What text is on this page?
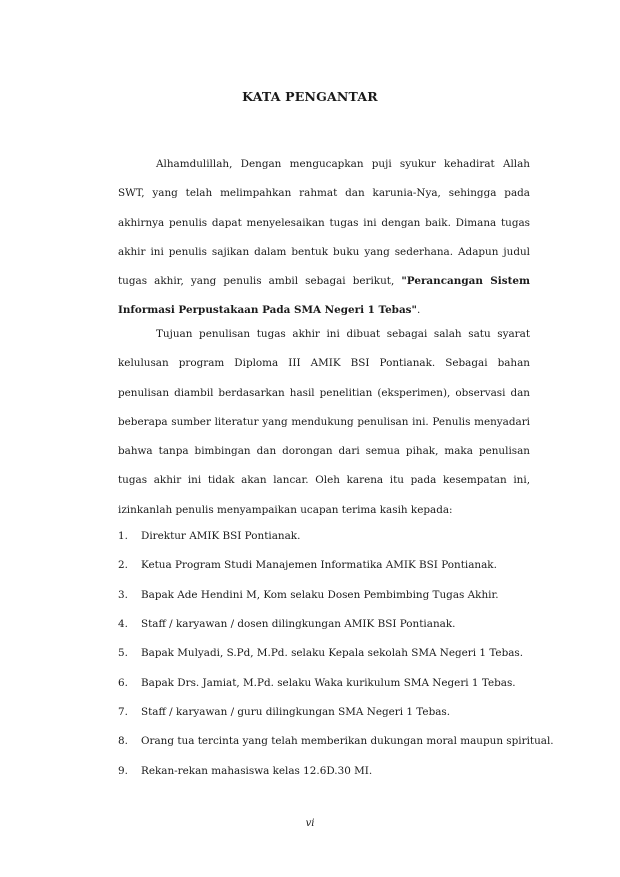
KATA PENGANTAR

Alhamdulillah, Dengan mengucapkan puji syukur kehadirat Allah SWT, yang telah melimpahkan rahmat dan karunia-Nya, sehingga pada akhirnya penulis dapat menyelesaikan tugas ini dengan baik. Dimana tugas akhir ini penulis sajikan dalam bentuk buku yang sederhana. Adapun judul tugas akhir, yang penulis ambil sebagai berikut, "Perancangan Sistem Informasi Perpustakaan Pada SMA Negeri 1 Tebas".

Tujuan penulisan tugas akhir ini dibuat sebagai salah satu syarat kelulusan program Diploma III AMIK BSI Pontianak. Sebagai bahan penulisan diambil berdasarkan hasil penelitian (eksperimen), observasi dan beberapa sumber literatur yang mendukung penulisan ini. Penulis menyadari bahwa tanpa bimbingan dan dorongan dari semua pihak, maka penulisan tugas akhir ini tidak akan lancar. Oleh karena itu pada kesempatan ini, izinkanlah penulis menyampaikan ucapan terima kasih kepada:

1. Direktur AMIK BSI Pontianak.
2. Ketua Program Studi Manajemen Informatika AMIK BSI Pontianak.
3. Bapak Ade Hendini M, Kom selaku Dosen Pembimbing Tugas Akhir.
4. Staff / karyawan / dosen dilingkungan AMIK BSI Pontianak.
5. Bapak Mulyadi, S.Pd, M.Pd. selaku Kepala sekolah SMA Negeri 1 Tebas.
6. Bapak Drs. Jamiat, M.Pd. selaku Waka kurikulum SMA Negeri 1 Tebas.
7. Staff / karyawan / guru dilingkungan SMA Negeri 1 Tebas.
8. Orang tua tercinta yang telah memberikan dukungan moral maupun spiritual.
9. Rekan-rekan mahasiswa kelas 12.6D.30 MI.
vi
